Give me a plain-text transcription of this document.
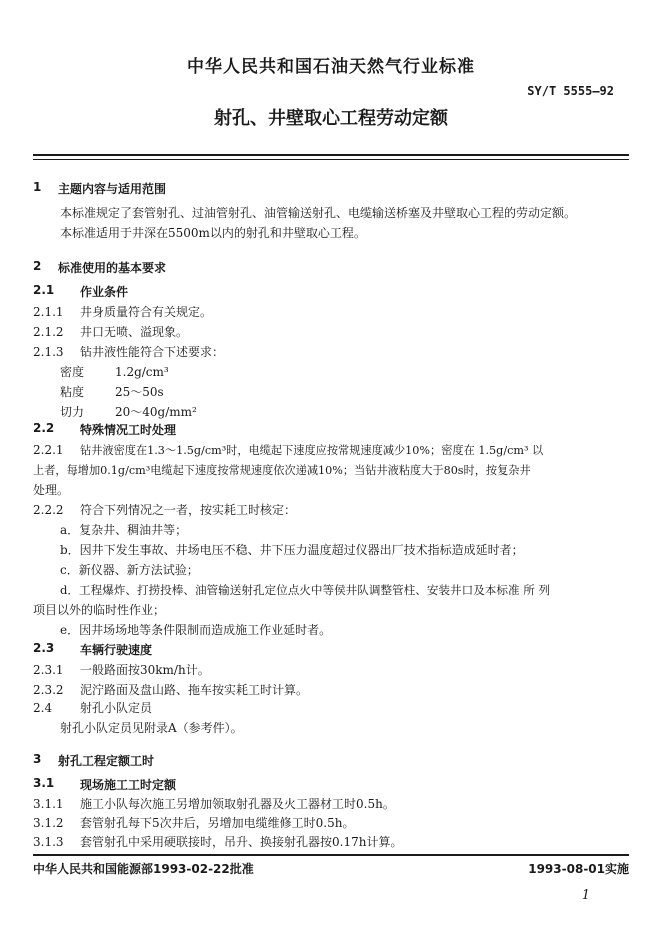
中华人民共和国石油天然气行业标准
SY/T 5555—92
射孔、井壁取心工程劳动定额
1 主题内容与适用范围
本标准规定了套管射孔、过油管射孔、油管输送射孔、电缆输送桥塞及井壁取心工程的劳动定额。
本标准适用于井深在5500m以内的射孔和井壁取心工程。
2 标准使用的基本要求
2.1 作业条件
2.1.1 井身质量符合有关规定。
2.1.2 井口无喷、溢现象。
2.1.3 钻井液性能符合下述要求：
密度	1.2g/cm³
粘度	25～50s
切力	20～40g/mm²
2.2 特殊情况工时处理
2.2.1 钻井液密度在1.3～1.5g/cm³时，电缆起下速度应按常规速度减少10%；密度在 1.5g/cm³ 以
上者，每增加0.1g/cm³电缆起下速度按常规速度依次递减10%；当钻井液粘度大于80s时，按复杂井
处理。
2.2.2 符合下列情况之一者，按实耗工时核定：
a．复杂井、稠油井等；
b．因井下发生事故、井场电压不稳、井下压力温度超过仪器出厂技术指标造成延时者；
c．新仪器、新方法试验；
d．工程爆炸、打捞投棒、油管输送射孔定位点火中等侯井队调整管柱、安装井口及本标准 所 列
项目以外的临时性作业；
e．因井场场地等条件限制而造成施工作业延时者。
2.3 车辆行驶速度
2.3.1 一般路面按30km/h计。
2.3.2 泥泞路面及盘山路、拖车按实耗工时计算。
2.4 射孔小队定员
射孔小队定员见附录A（参考件）。
3 射孔工程定额工时
3.1 现场施工工时定额
3.1.1 施工小队每次施工另增加领取射孔器及火工器材工时0.5h。
3.1.2 套管射孔每下5次井后，另增加电缆维修工时0.5h。
3.1.3 套管射孔中采用硬联接时，吊升、换接射孔器按0.17h计算。
中华人民共和国能源部1993-02-22批准	1993-08-01实施
1
